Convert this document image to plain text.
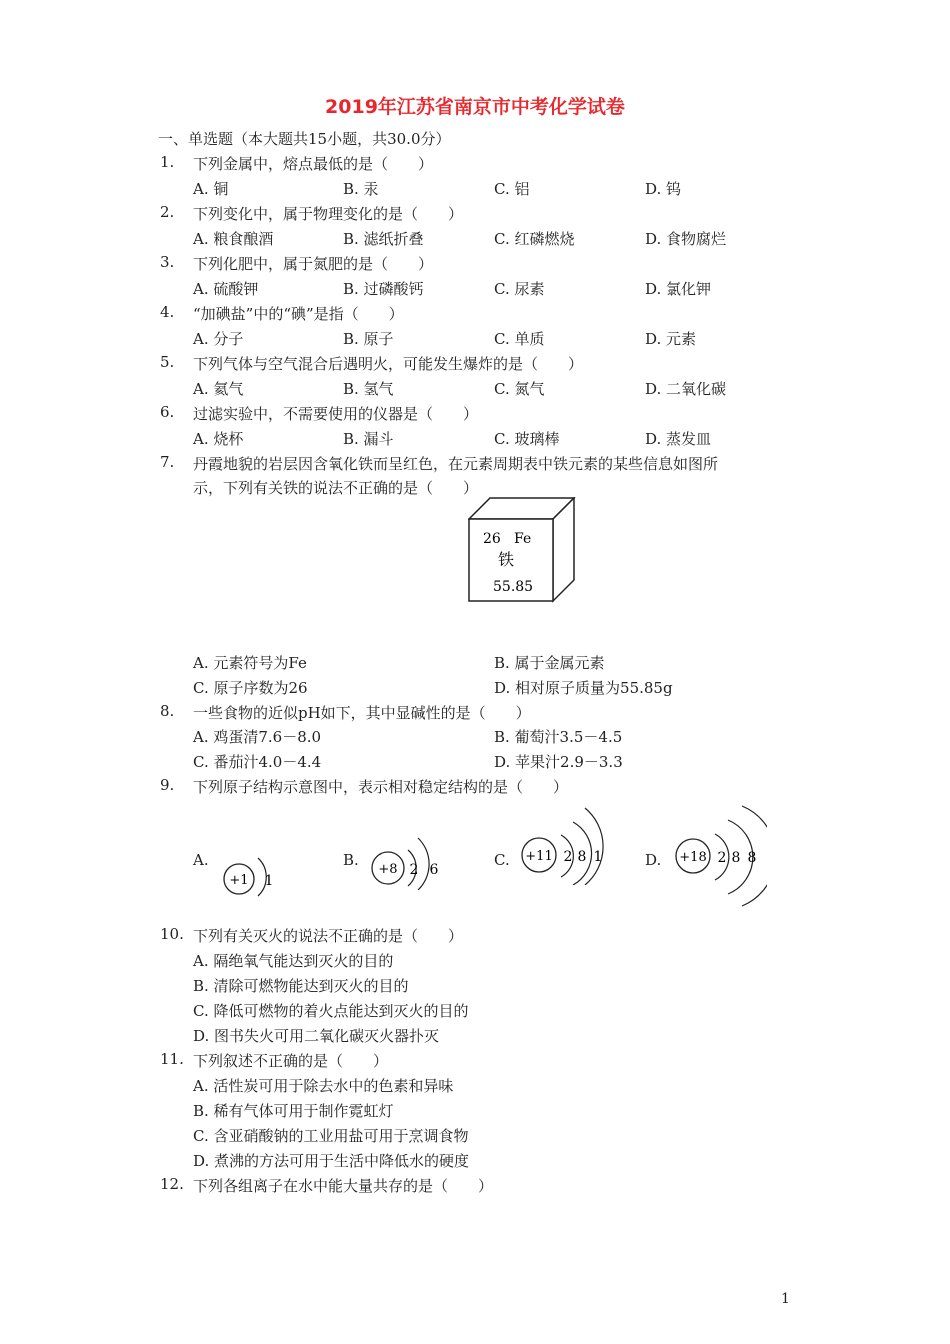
2019年江苏省南京市中考化学试卷
一、单选题（本大题共15小题，共30.0分）
1. 下列金属中，熔点最低的是（　　）
A. 铜	B. 汞	C. 铝	D. 钨
2. 下列变化中，属于物理变化的是（　　）
A. 粮食酿酒	B. 滤纸折叠	C. 红磷燃烧	D. 食物腐烂
3. 下列化肥中，属于氮肥的是（　　）
A. 硫酸钾	B. 过磷酸钙	C. 尿素	D. 氯化钾
4. “加碘盐”中的“碘”是指（　　）
A. 分子	B. 原子	C. 单质	D. 元素
5. 下列气体与空气混合后遇明火，可能发生爆炸的是（　　）
A. 氦气	B. 氢气	C. 氮气	D. 二氧化碳
6. 过滤实验中，不需要使用的仪器是（　　）
A. 烧杯	B. 漏斗	C. 玻璃棒	D. 蒸发皿
7. 丹霞地貌的岩层因含氧化铁而呈红色，在元素周期表中铁元素的某些信息如图所
示，下列有关铁的说法不正确的是（　　）
26 Fe
铁
55.85
A. 元素符号为Fe	B. 属于金属元素
C. 原子序数为26	D. 相对原子质量为55.85g
8. 一些食物的近似pH如下，其中显碱性的是（　　）
A. 鸡蛋清7.6－8.0	B. 葡萄汁3.5－4.5
C. 番茄汁4.0－4.4	D. 苹果汁2.9－3.3
9. 下列原子结构示意图中，表示相对稳定结构的是（　　）
A.	B.	C.	D.
+1 1
+8 2 6
+11 2 8 1	+18 2 8 8
10. 下列有关灭火的说法不正确的是（　　）
A. 隔绝氧气能达到灭火的目的
B. 清除可燃物能达到灭火的目的
C. 降低可燃物的着火点能达到灭火的目的
D. 图书失火可用二氧化碳灭火器扑灭
11. 下列叙述不正确的是（　　）
A. 活性炭可用于除去水中的色素和异味
B. 稀有气体可用于制作霓虹灯
C. 含亚硝酸钠的工业用盐可用于烹调食物
D. 煮沸的方法可用于生活中降低水的硬度
12. 下列各组离子在水中能大量共存的是（　　）
1
